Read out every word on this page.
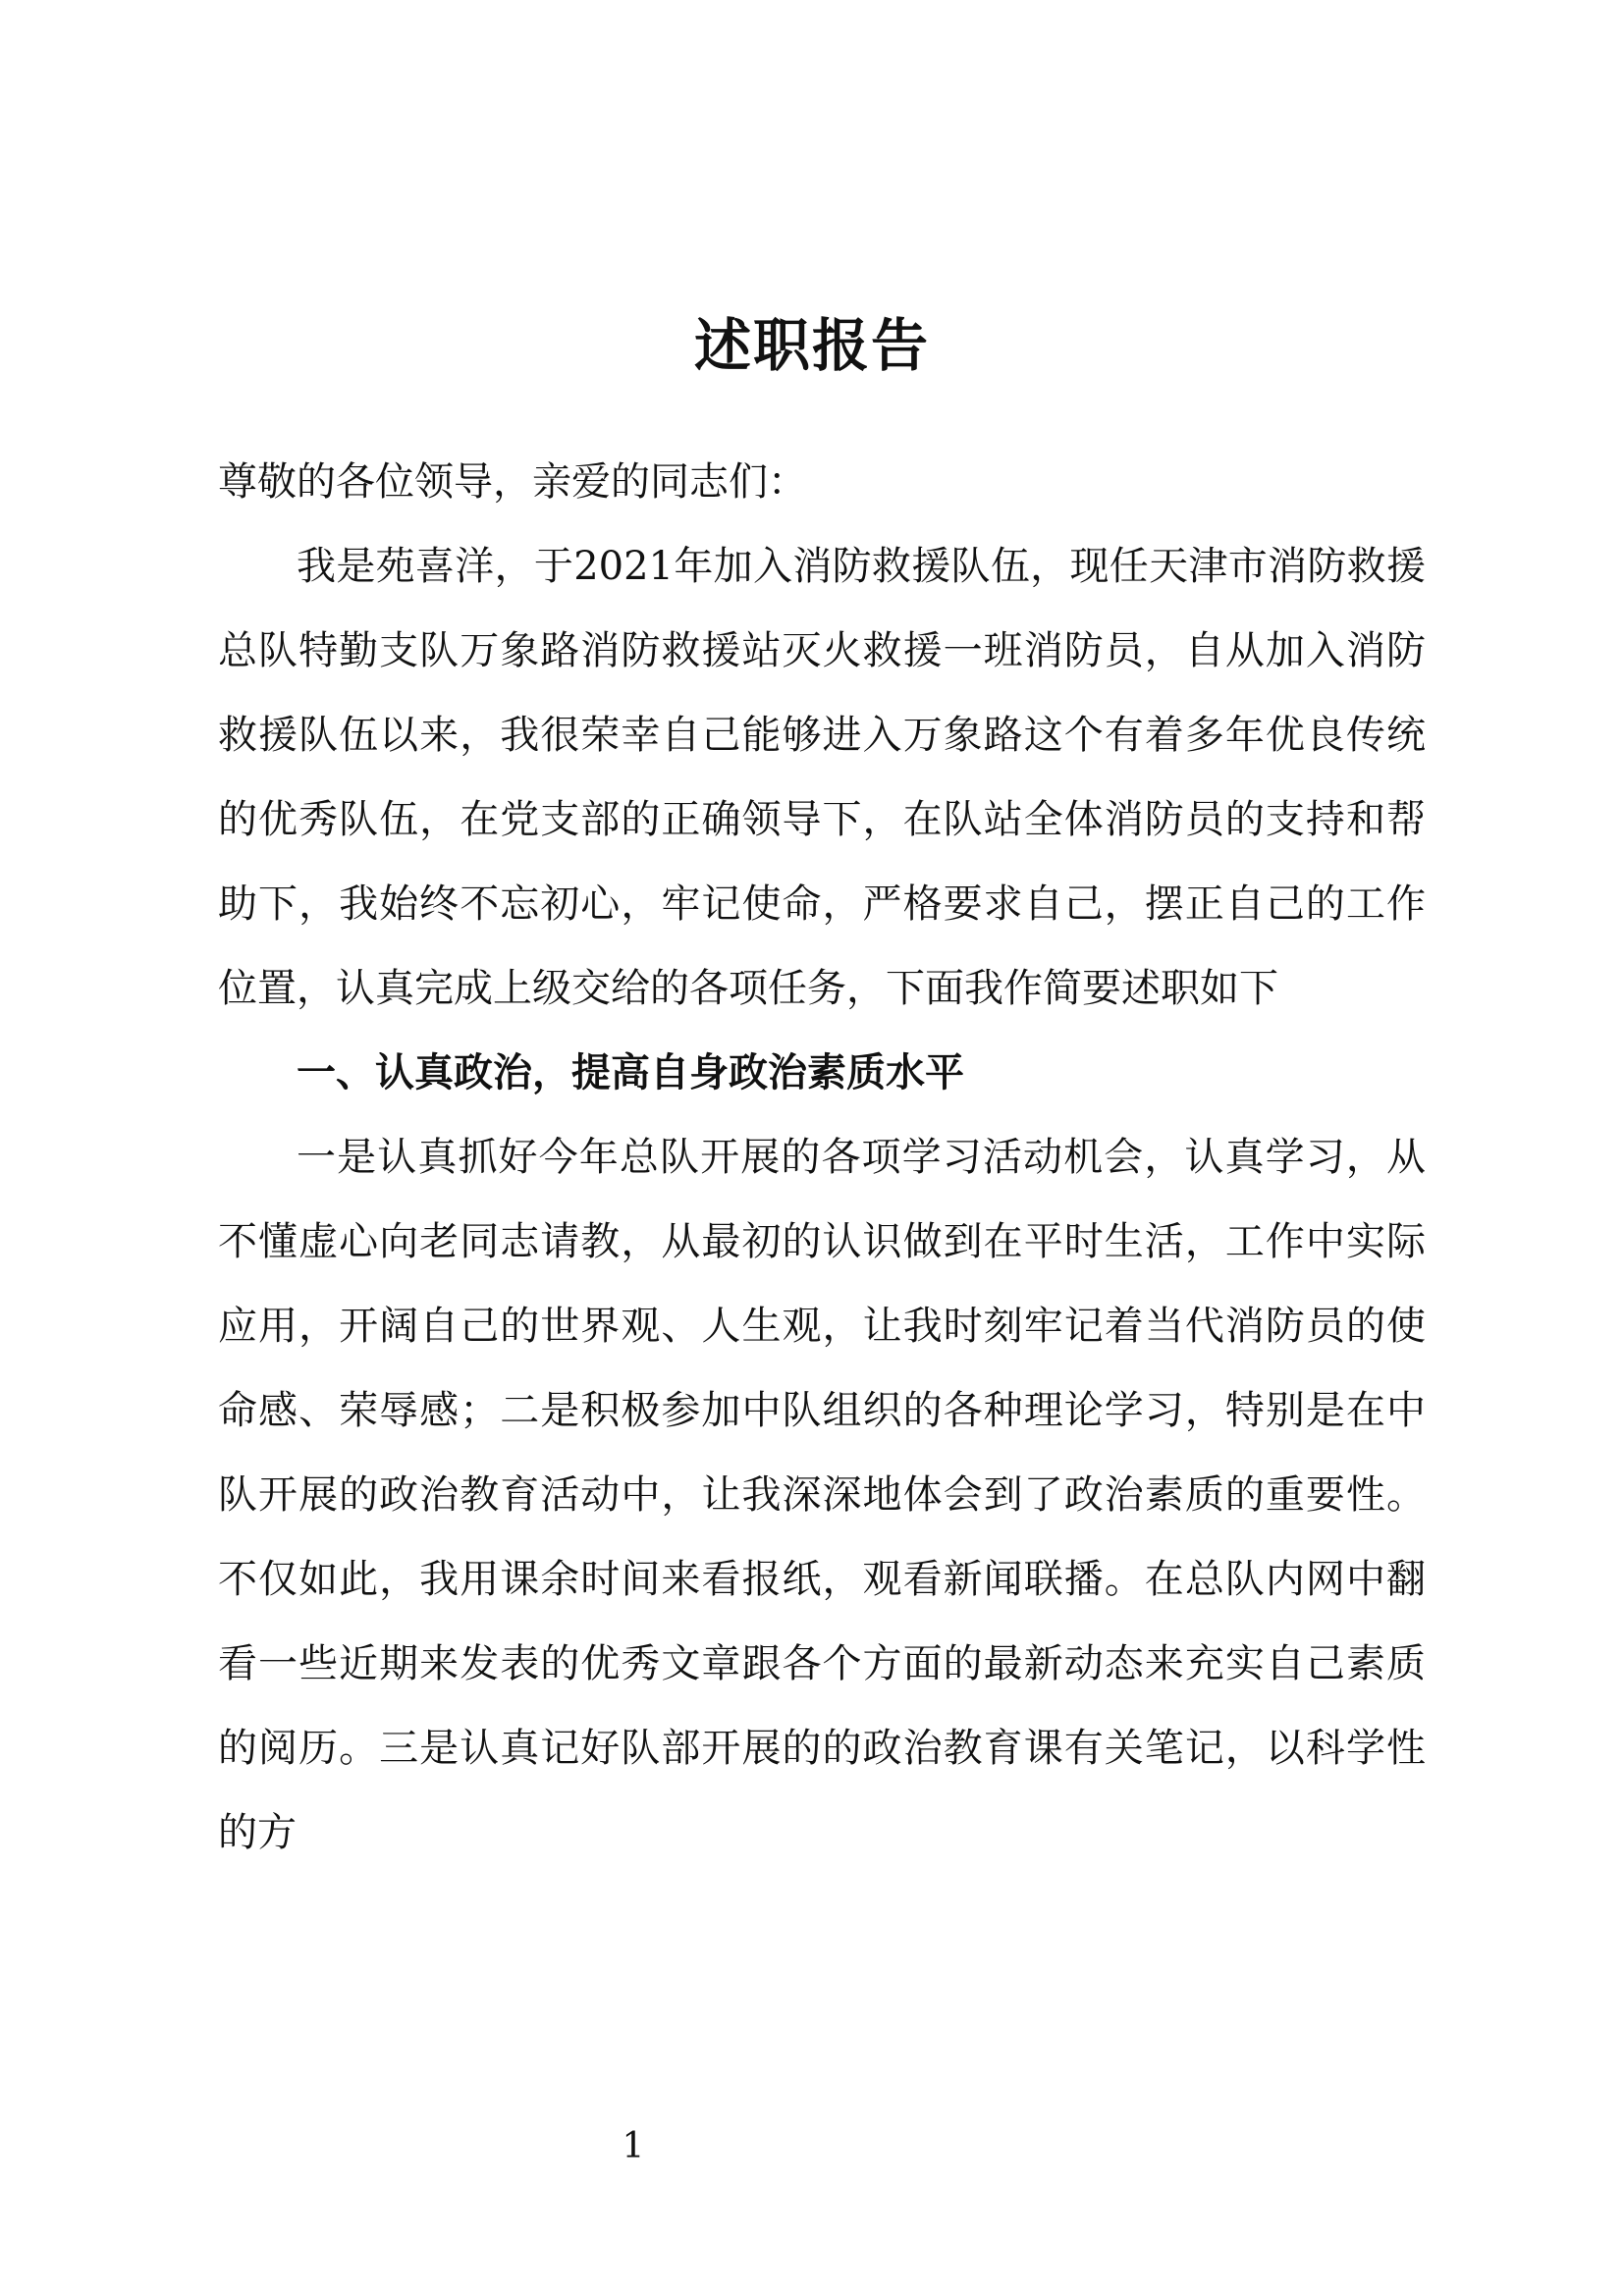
述职报告

尊敬的各位领导，亲爱的同志们：

我是苑喜洋，于2021年加入消防救援队伍，现任天津市消防救援总队特勤支队万象路消防救援站灭火救援一班消防员，自从加入消防救援队伍以来，我很荣幸自己能够进入万象路这个有着多年优良传统的优秀队伍，在党支部的正确领导下，在队站全体消防员的支持和帮助下，我始终不忘初心，牢记使命，严格要求自己，摆正自己的工作位置，认真完成上级交给的各项任务，下面我作简要述职如下

一、认真政治，提高自身政治素质水平

一是认真抓好今年总队开展的各项学习活动机会，认真学习，从不懂虚心向老同志请教，从最初的认识做到在平时生活，工作中实际应用，开阔自己的世界观、人生观，让我时刻牢记着当代消防员的使命感、荣辱感；二是积极参加中队组织的各种理论学习，特别是在中队开展的政治教育活动中，让我深深地体会到了政治素质的重要性。不仅如此，我用课余时间来看报纸，观看新闻联播。在总队内网中翻看一些近期来发表的优秀文章跟各个方面的最新动态来充实自己素质的阅历。三是认真记好队部开展的的政治教育课有关笔记，以科学性的方

1
